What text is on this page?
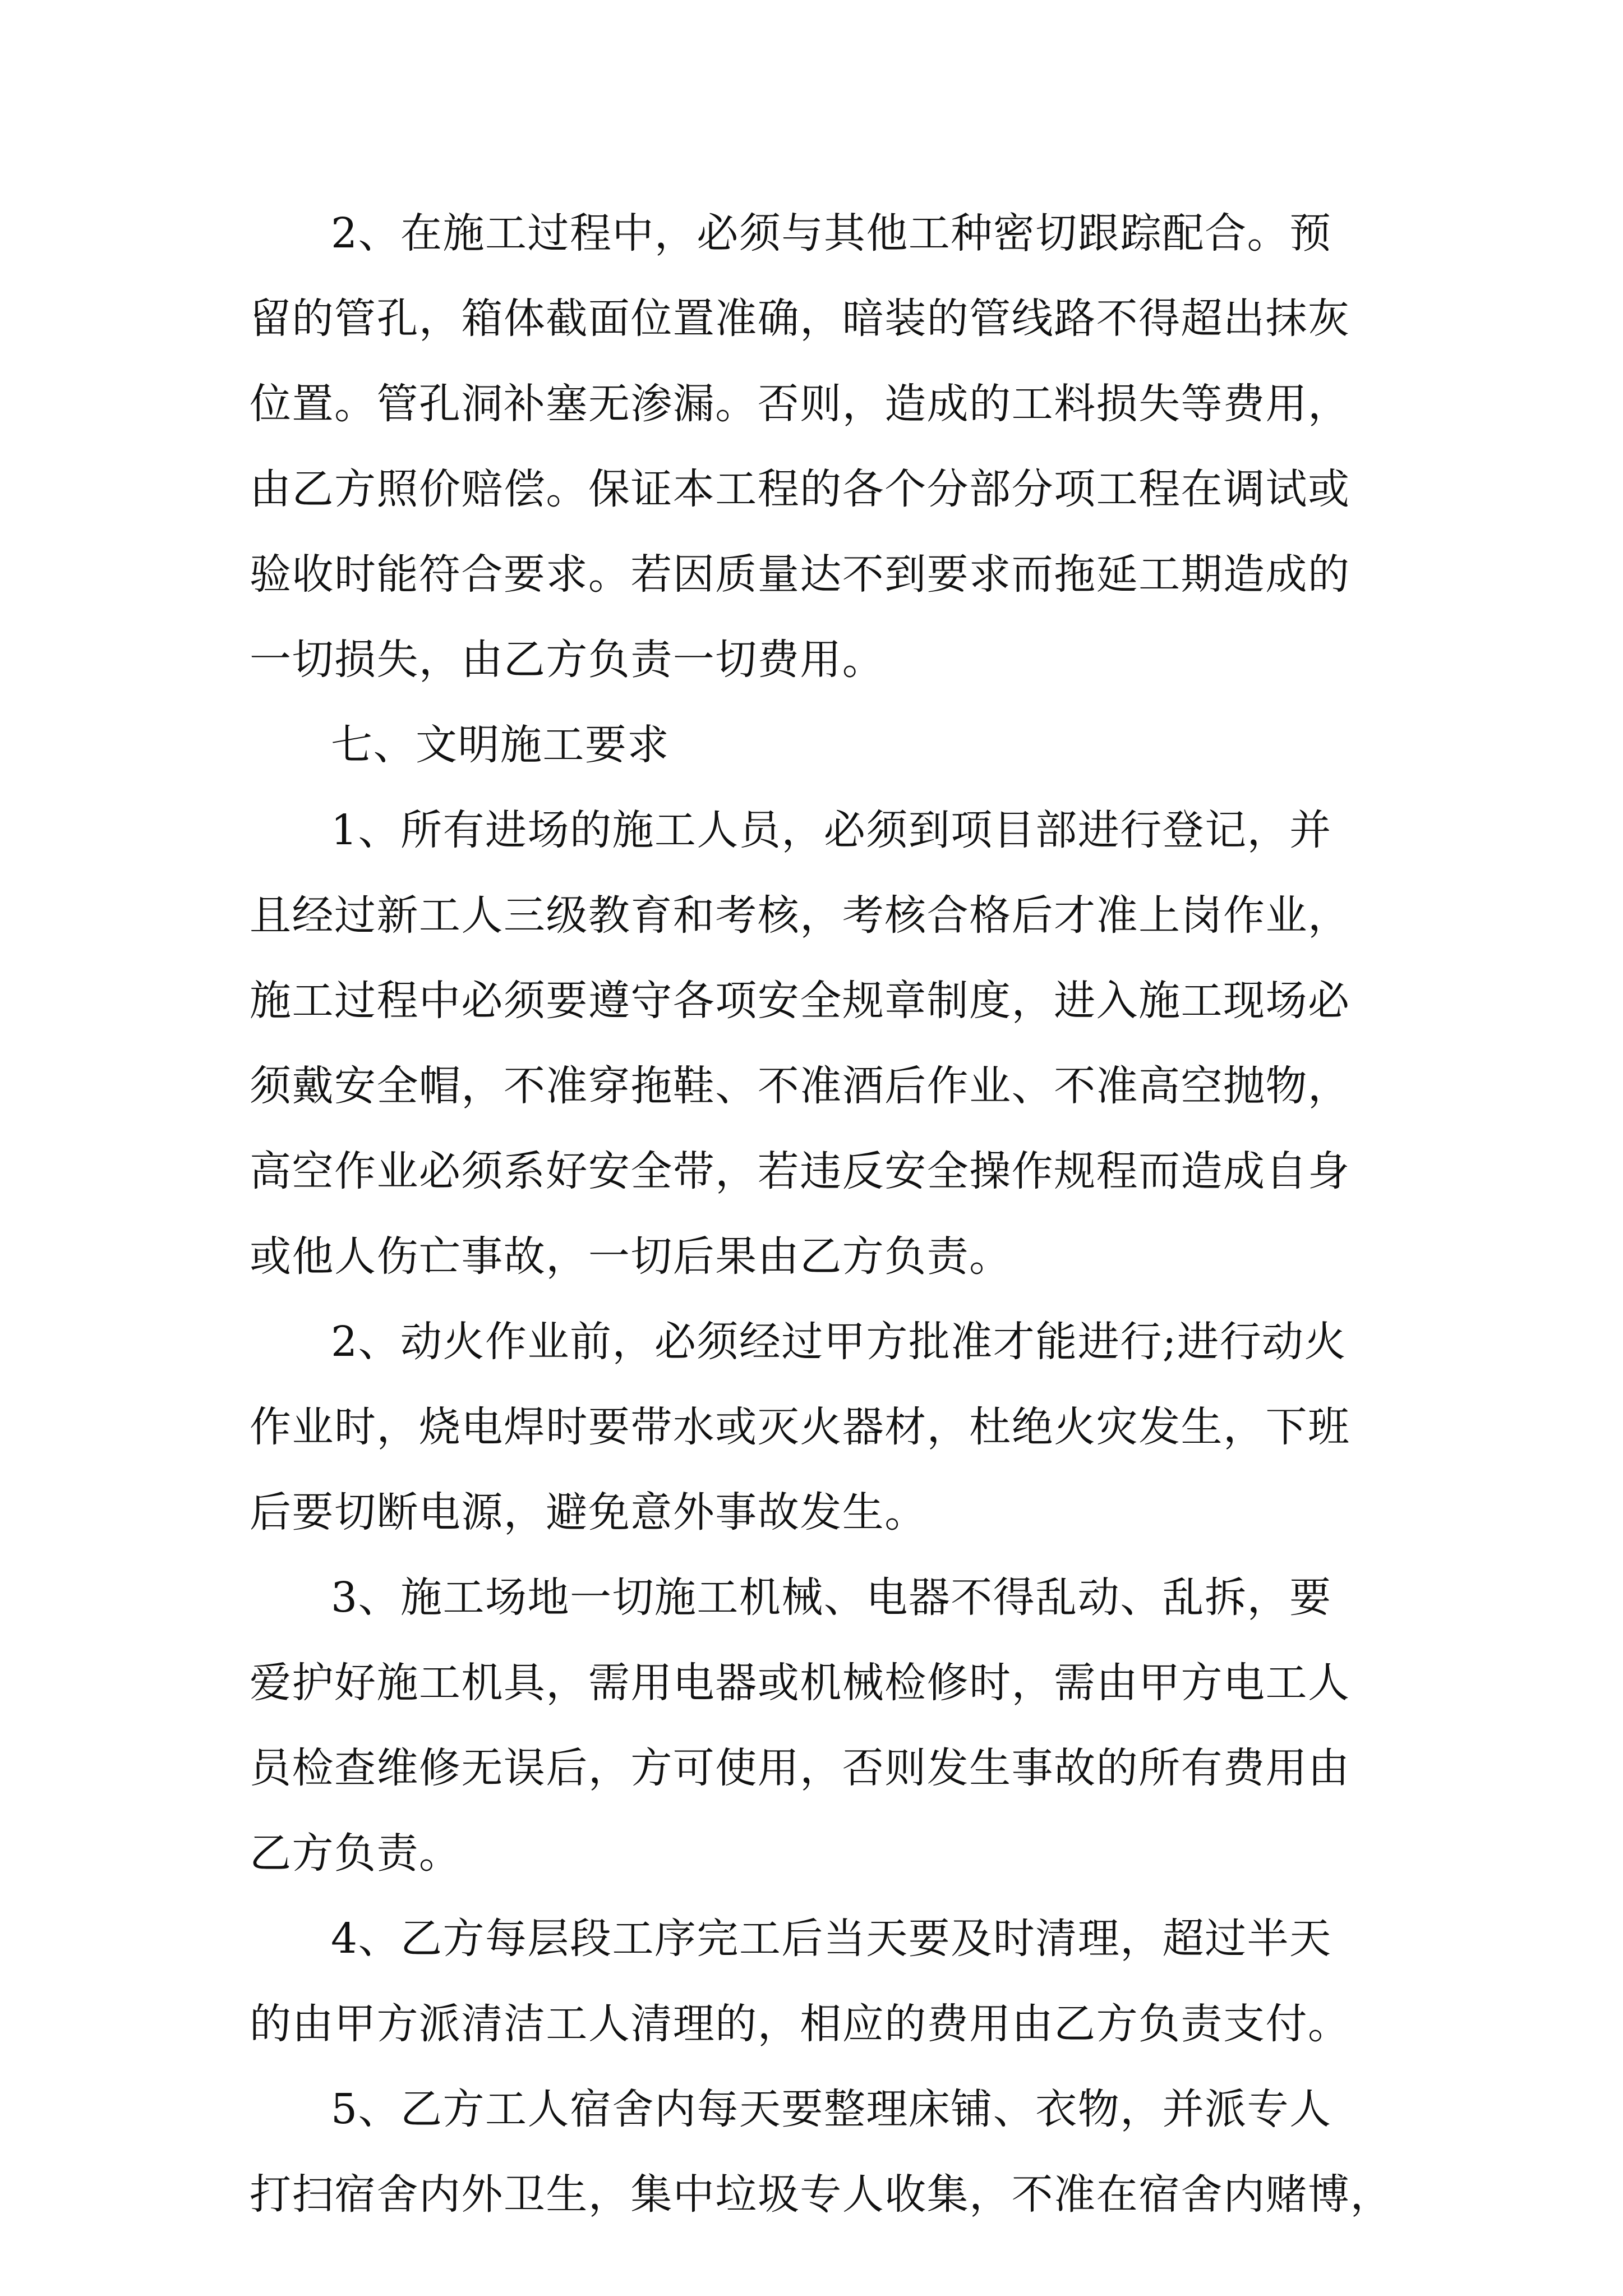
2、在施工过程中，必须与其他工种密切跟踪配合。预
留的管孔，箱体截面位置准确，暗装的管线路不得超出抹灰
位置。管孔洞补塞无渗漏。否则，造成的工料损失等费用，
由乙方照价赔偿。保证本工程的各个分部分项工程在调试或
验收时能符合要求。若因质量达不到要求而拖延工期造成的
一切损失，由乙方负责一切费用。
七、文明施工要求
1、所有进场的施工人员，必须到项目部进行登记，并
且经过新工人三级教育和考核，考核合格后才准上岗作业，
施工过程中必须要遵守各项安全规章制度，进入施工现场必
须戴安全帽，不准穿拖鞋、不准酒后作业、不准高空抛物，
高空作业必须系好安全带，若违反安全操作规程而造成自身
或他人伤亡事故，一切后果由乙方负责。
2、动火作业前，必须经过甲方批准才能进行;进行动火
作业时，烧电焊时要带水或灭火器材，杜绝火灾发生，下班
后要切断电源，避免意外事故发生。
3、施工场地一切施工机械、电器不得乱动、乱拆，要
爱护好施工机具，需用电器或机械检修时，需由甲方电工人
员检查维修无误后，方可使用，否则发生事故的所有费用由
乙方负责。
4、乙方每层段工序完工后当天要及时清理，超过半天
的由甲方派清洁工人清理的，相应的费用由乙方负责支付。
5、乙方工人宿舍内每天要整理床铺、衣物，并派专人
打扫宿舍内外卫生，集中垃圾专人收集，不准在宿舍内赌博，
